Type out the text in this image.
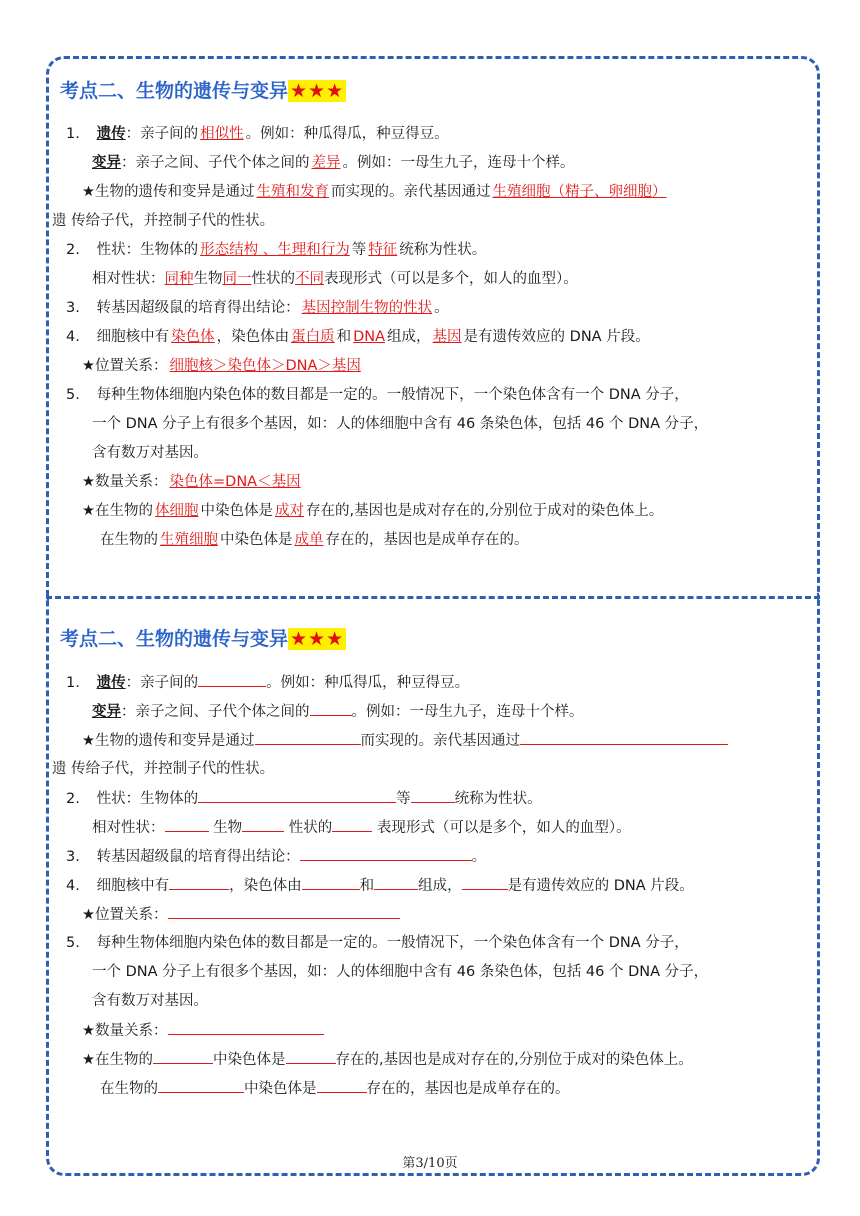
考点二、生物的遗传与变异 ★★★
1. 遗传：亲子间的 相似性 。例如：种瓜得瓜，种豆得豆。
变异：亲子之间、子代个体之间的 差异 。例如：一母生九子，连母十个样。
★生物的遗传和变异是通过 生殖和发育 而实现的。亲代基因通过 生殖细胞（精子、卵细胞）
遗 传给子代，并控制子代的性状。
2. 性状：生物体的 形态结构 、生理和行为 等 特征 统称为性状。
相对性状：同种生物同一性状的不同表现形式（可以是多个，如人的血型）。
3. 转基因超级鼠的培育得出结论： 基因控制生物的性状 。
4. 细胞核中有 染色体 ，染色体由 蛋白质 和 DNA 组成， 基因 是有遗传效应的 DNA 片段。
★位置关系： 细胞核＞染色体＞DNA＞基因
5. 每种生物体细胞内染色体的数目都是一定的。一般情况下，一个染色体含有一个 DNA 分子，
一个 DNA 分子上有很多个基因，如：人的体细胞中含有 46 条染色体，包括 46 个 DNA 分子，
含有数万对基因。
★数量关系： 染色体=DNA＜基因
★在生物的 体细胞 中染色体是 成对 存在的,基因也是成对存在的,分别位于成对的染色体上。
在生物的 生殖细胞 中染色体是 成单 存在的，基因也是成单存在的。
考点二、生物的遗传与变异 ★★★
1. 遗传：亲子间的	。例如：种瓜得瓜，种豆得豆。
变异：亲子之间、子代个体之间的	。例如：一母生九子，连母十个样。
★生物的遗传和变异是通过	而实现的。亲代基因通过
遗 传给子代，并控制子代的性状。
2. 性状：生物体的	等	统称为性状。
相对性状：	生物	性状的	表现形式（可以是多个，如人的血型）。
3. 转基因超级鼠的培育得出结论：	。
4. 细胞核中有	，染色体由	和	组成，	是有遗传效应的 DNA 片段。
★位置关系：
5. 每种生物体细胞内染色体的数目都是一定的。一般情况下，一个染色体含有一个 DNA 分子，
一个 DNA 分子上有很多个基因，如：人的体细胞中含有 46 条染色体，包括 46 个 DNA 分子，
含有数万对基因。
★数量关系：
★在生物的	中染色体是	存在的,基因也是成对存在的,分别位于成对的染色体上。
在生物的	中染色体是	存在的，基因也是成单存在的。
第3/10页
